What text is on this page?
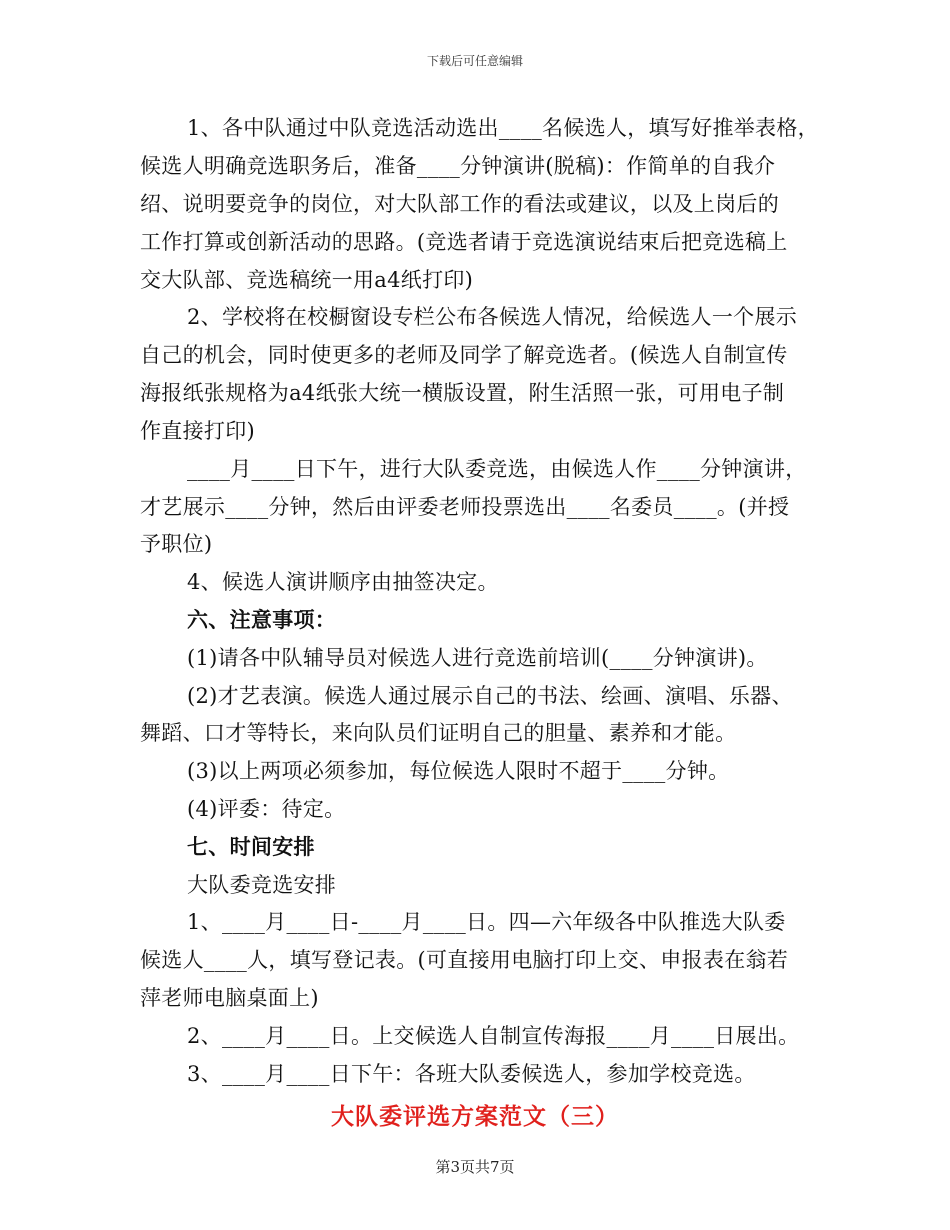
下载后可任意编辑
1、各中队通过中队竞选活动选出____名候选人，填写好推举表格，
候选人明确竞选职务后，准备____分钟演讲(脱稿)：作简单的自我介
绍、说明要竞争的岗位，对大队部工作的看法或建议，以及上岗后的
工作打算或创新活动的思路。(竞选者请于竞选演说结束后把竞选稿上
交大队部、竞选稿统一用a4纸打印)
2、学校将在校橱窗设专栏公布各候选人情况，给候选人一个展示
自己的机会，同时使更多的老师及同学了解竞选者。(候选人自制宣传
海报纸张规格为a4纸张大统一横版设置，附生活照一张，可用电子制
作直接打印)
____月____日下午，进行大队委竞选，由候选人作____分钟演讲，
才艺展示____分钟，然后由评委老师投票选出____名委员____。(并授
予职位)
4、候选人演讲顺序由抽签决定。
六、注意事项：
(1)请各中队辅导员对候选人进行竞选前培训(____分钟演讲)。
(2)才艺表演。候选人通过展示自己的书法、绘画、演唱、乐器、
舞蹈、口才等特长，来向队员们证明自己的胆量、素养和才能。
(3)以上两项必须参加，每位候选人限时不超于____分钟。
(4)评委：待定。
七、时间安排
大队委竞选安排
1、____月____日-____月____日。四—六年级各中队推选大队委
候选人____人，填写登记表。(可直接用电脑打印上交、申报表在翁若
萍老师电脑桌面上)
2、____月____日。上交候选人自制宣传海报____月____日展出。
3、____月____日下午：各班大队委候选人，参加学校竞选。
大队委评选方案范文（三）
第3页共7页
